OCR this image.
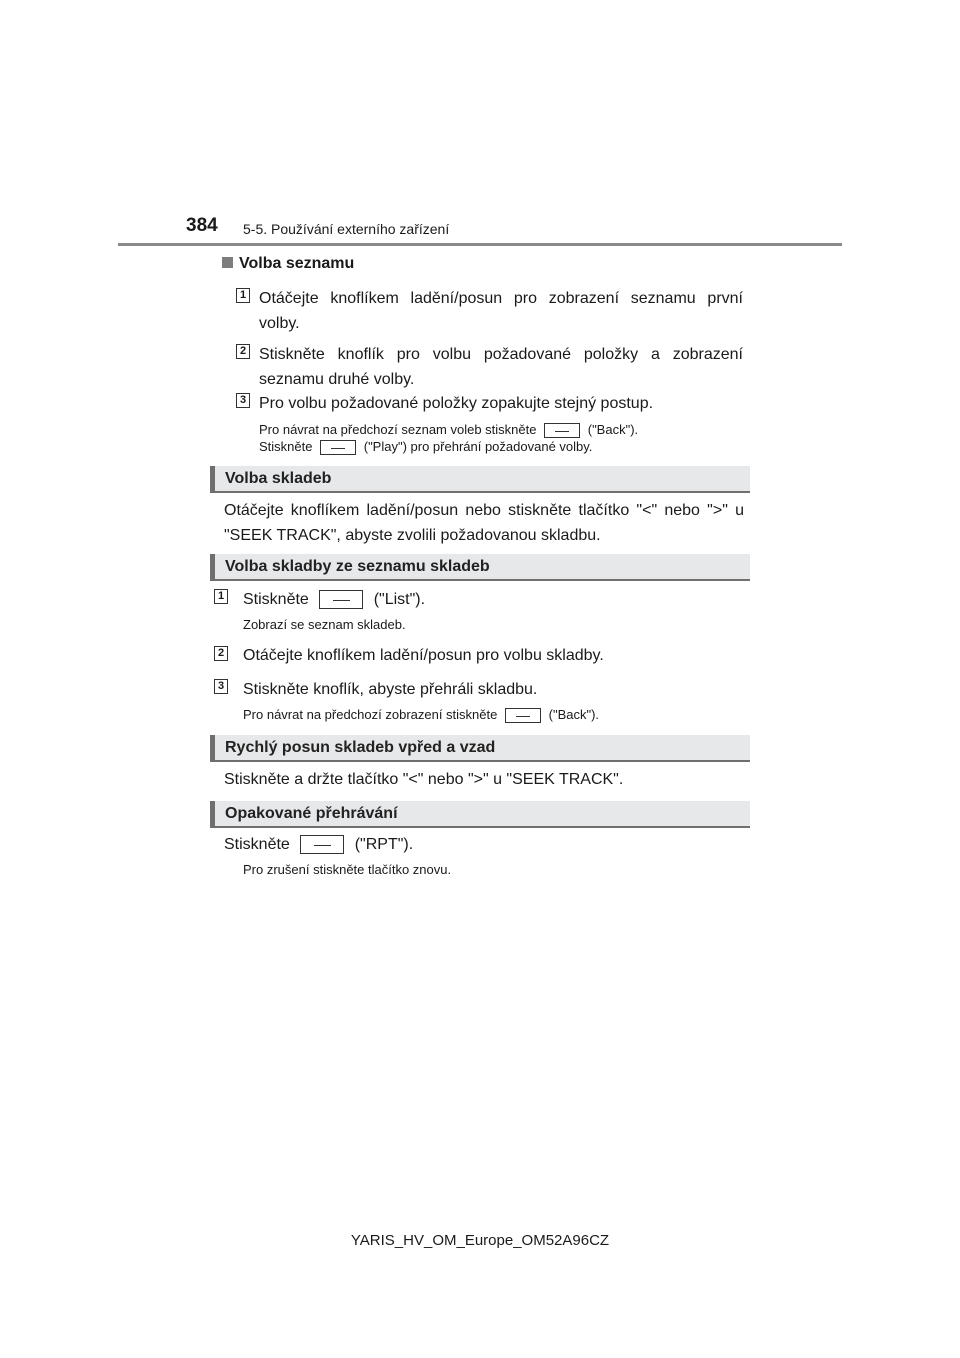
384 5-5. Používání externího zařízení
Volba seznamu
1 Otáčejte knoflíkem ladění/posun pro zobrazení seznamu první volby.
2 Stiskněte knoflík pro volbu požadované položky a zobrazení seznamu druhé volby.
3 Pro volbu požadované položky zopakujte stejný postup.
Pro návrat na předchozí seznam voleb stiskněte	("Back").
Stiskněte	("Play") pro přehrání požadované volby.
Volba skladeb
Otáčejte knoflíkem ladění/posun nebo stiskněte tlačítko "<" nebo ">" u "SEEK TRACK", abyste zvolili požadovanou skladbu.
Volba skladby ze seznamu skladeb
1 Stiskněte	("List").
Zobrazí se seznam skladeb.
2 Otáčejte knoflíkem ladění/posun pro volbu skladby.
3 Stiskněte knoflík, abyste přehráli skladbu.
Pro návrat na předchozí zobrazení stiskněte	("Back").
Rychlý posun skladeb vpřed a vzad
Stiskněte a držte tlačítko "<" nebo ">" u "SEEK TRACK".
Opakované přehrávání
Stiskněte	("RPT").
Pro zrušení stiskněte tlačítko znovu.
YARIS_HV_OM_Europe_OM52A96CZ
